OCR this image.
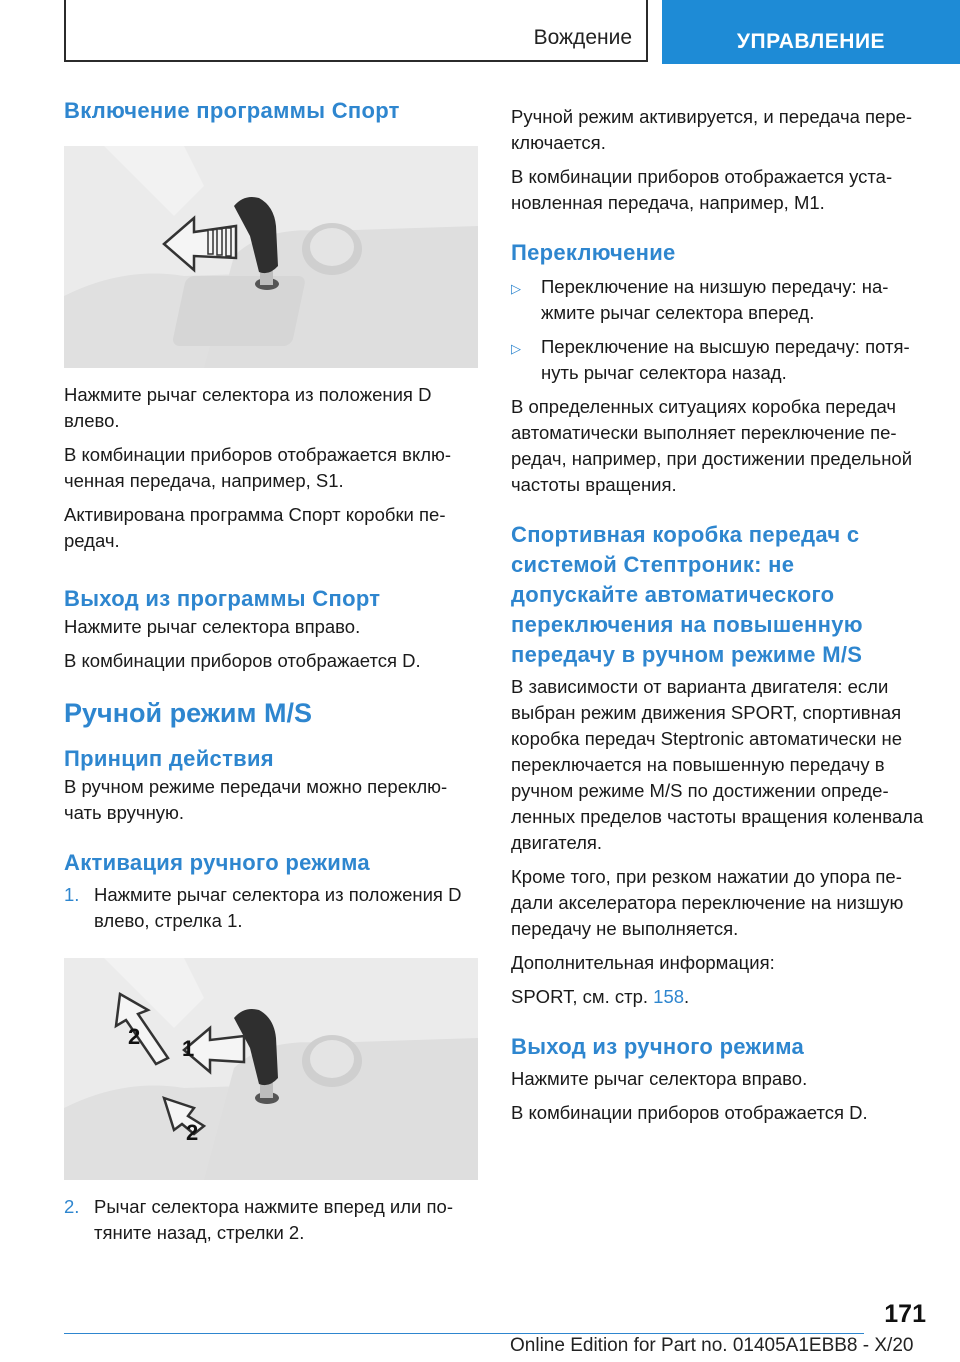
Вождение	УПРАВЛЕНИЕ
Включение программы Спорт

Нажмите рычаг селектора из положения D влево.

В комбинации приборов отображается включенная передача, например, S1.

Активирована программа Спорт коробки передач.

Выход из программы Спорт

Нажмите рычаг селектора вправо.

В комбинации приборов отображается D.

Ручной режим M/S
Принцип действия

В ручном режиме передачи можно переключать вручную.

Активация ручного режима
1. Нажмите рычаг селектора из положения D влево, стрелка 1.
1
2
2
2. Рычаг селектора нажмите вперед или потяните назад, стрелки 2.

Ручной режим активируется, и передача переключается.

В комбинации приборов отображается установленная передача, например, M1.

Переключение
▷	Переключение на низшую передачу: нажмите рычаг селектора вперед.
▷	Переключение на высшую передачу: потянуть рычаг селектора назад.

В определенных ситуациях коробка передач автоматически выполняет переключение передач, например, при достижении предельной частоты вращения.

Спортивная коробка передач с системой Стептроник: не допускайте автоматического переключения на повышенную передачу в ручном режиме M/S

В зависимости от варианта двигателя: если выбран режим движения SPORT, спортивная коробка передач Steptronic автоматически не переключается на повышенную передачу в ручном режиме M/S по достижении определенных пределов частоты вращения коленвала двигателя.

Кроме того, при резком нажатии до упора педали акселератора переключение на низшую передачу не выполняется.

Дополнительная информация:

SPORT, см. стр. 158.

Выход из ручного режима

Нажмите рычаг селектора вправо.

В комбинации приборов отображается D.

171
Online Edition for Part no. 01405A1EBB8 - X/20
